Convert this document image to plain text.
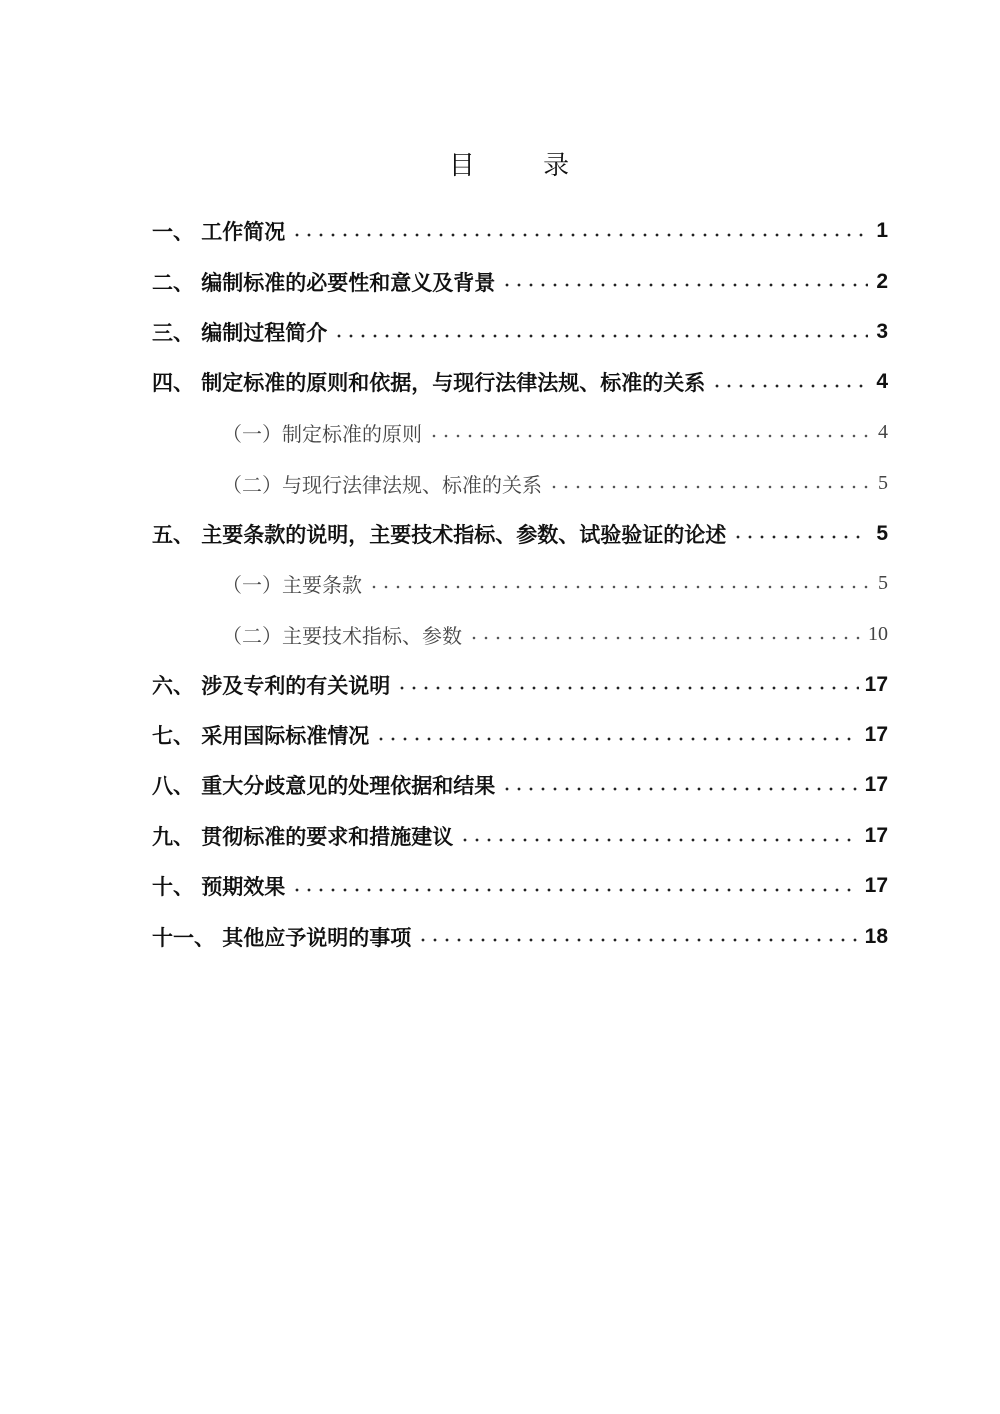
目 录
一、 工作简况	1
二、 编制标准的必要性和意义及背景	2
三、 编制过程简介	3
四、 制定标准的原则和依据，与现行法律法规、标准的关系	4
（一）制定标准的原则	4
（二）与现行法律法规、标准的关系	5
五、 主要条款的说明，主要技术指标、参数、试验验证的论述	5
（一）主要条款	5
（二）主要技术指标、参数	10
六、 涉及专利的有关说明	17
七、 采用国际标准情况	17
八、 重大分歧意见的处理依据和结果	17
九、 贯彻标准的要求和措施建议	17
十、 预期效果	17
十一、 其他应予说明的事项	18
